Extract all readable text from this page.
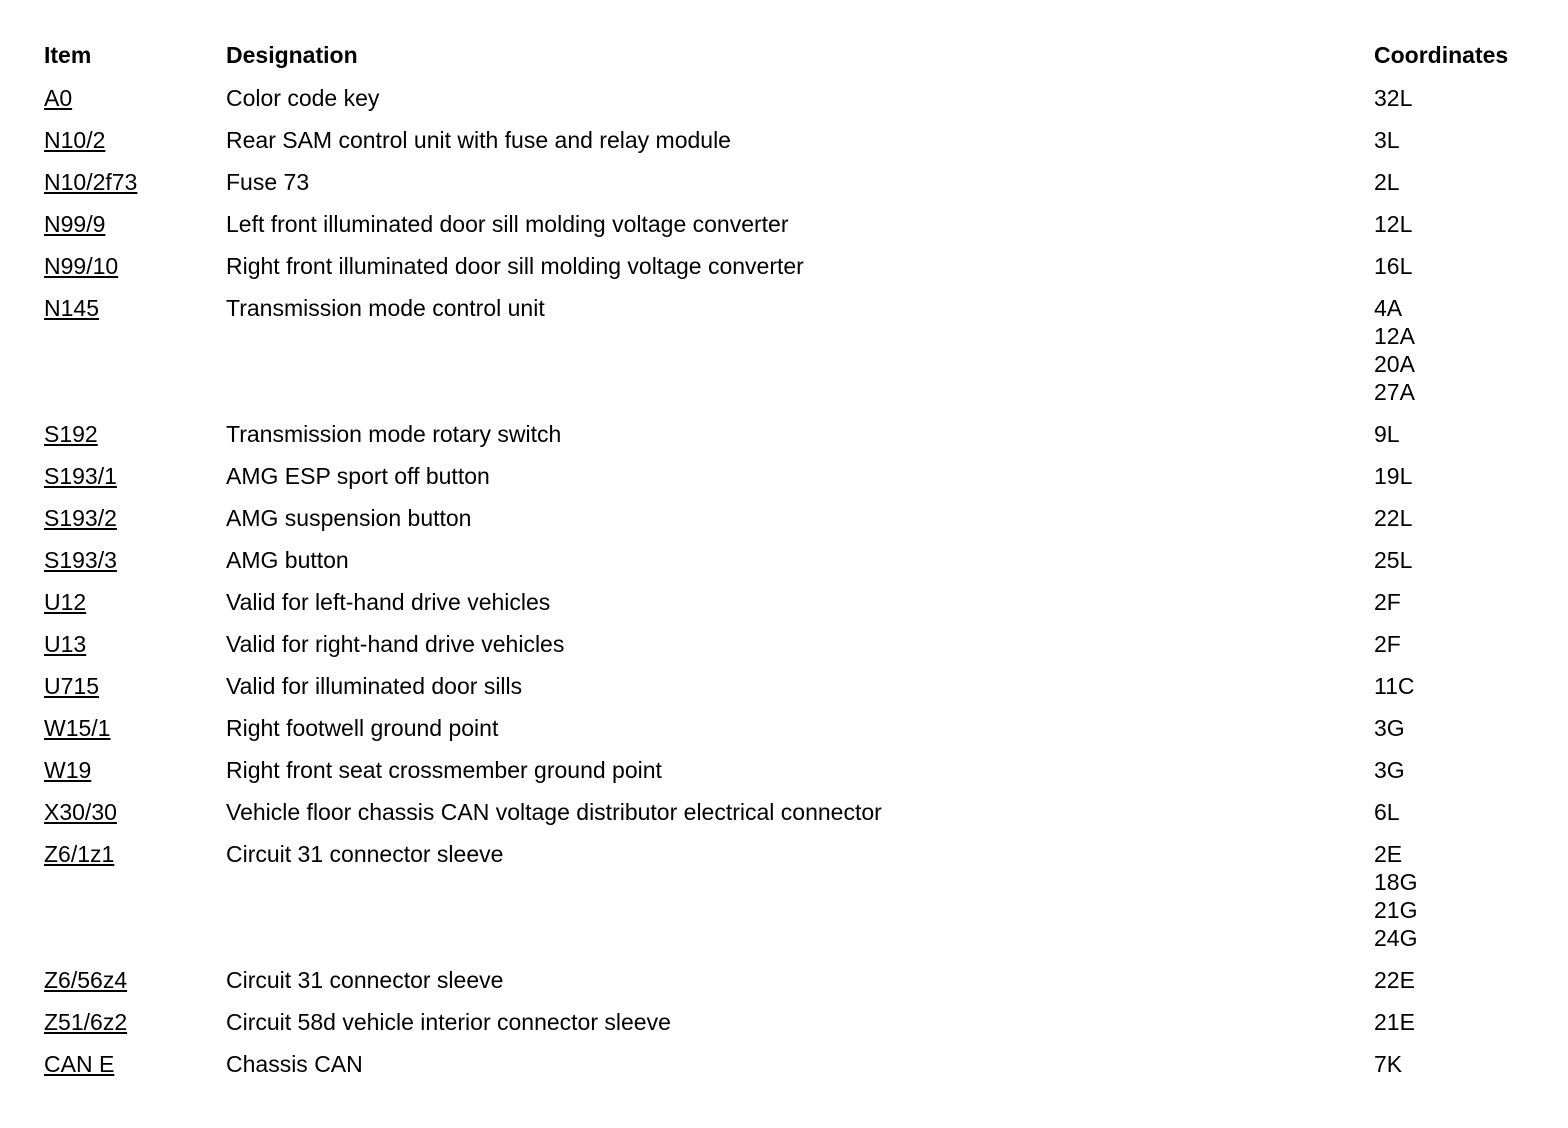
Item	Designation	Coordinates
A0	Color code key	32L
N10/2	Rear SAM control unit with fuse and relay module	3L
N10/2f73	Fuse 73	2L
N99/9	Left front illuminated door sill molding voltage converter	12L
N99/10	Right front illuminated door sill molding voltage converter	16L
N145	Transmission mode control unit	4A
12A
20A
27A
S192	Transmission mode rotary switch	9L
S193/1	AMG ESP sport off button	19L
S193/2	AMG suspension button	22L
S193/3	AMG button	25L
U12	Valid for left-hand drive vehicles	2F
U13	Valid for right-hand drive vehicles	2F
U715	Valid for illuminated door sills	11C
W15/1	Right footwell ground point	3G
W19	Right front seat crossmember ground point	3G
X30/30	Vehicle floor chassis CAN voltage distributor electrical connector	6L
Z6/1z1	Circuit 31 connector sleeve	2E
18G
21G
24G
Z6/56z4	Circuit 31 connector sleeve	22E
Z51/6z2	Circuit 58d vehicle interior connector sleeve	21E
CAN E	Chassis CAN	7K
